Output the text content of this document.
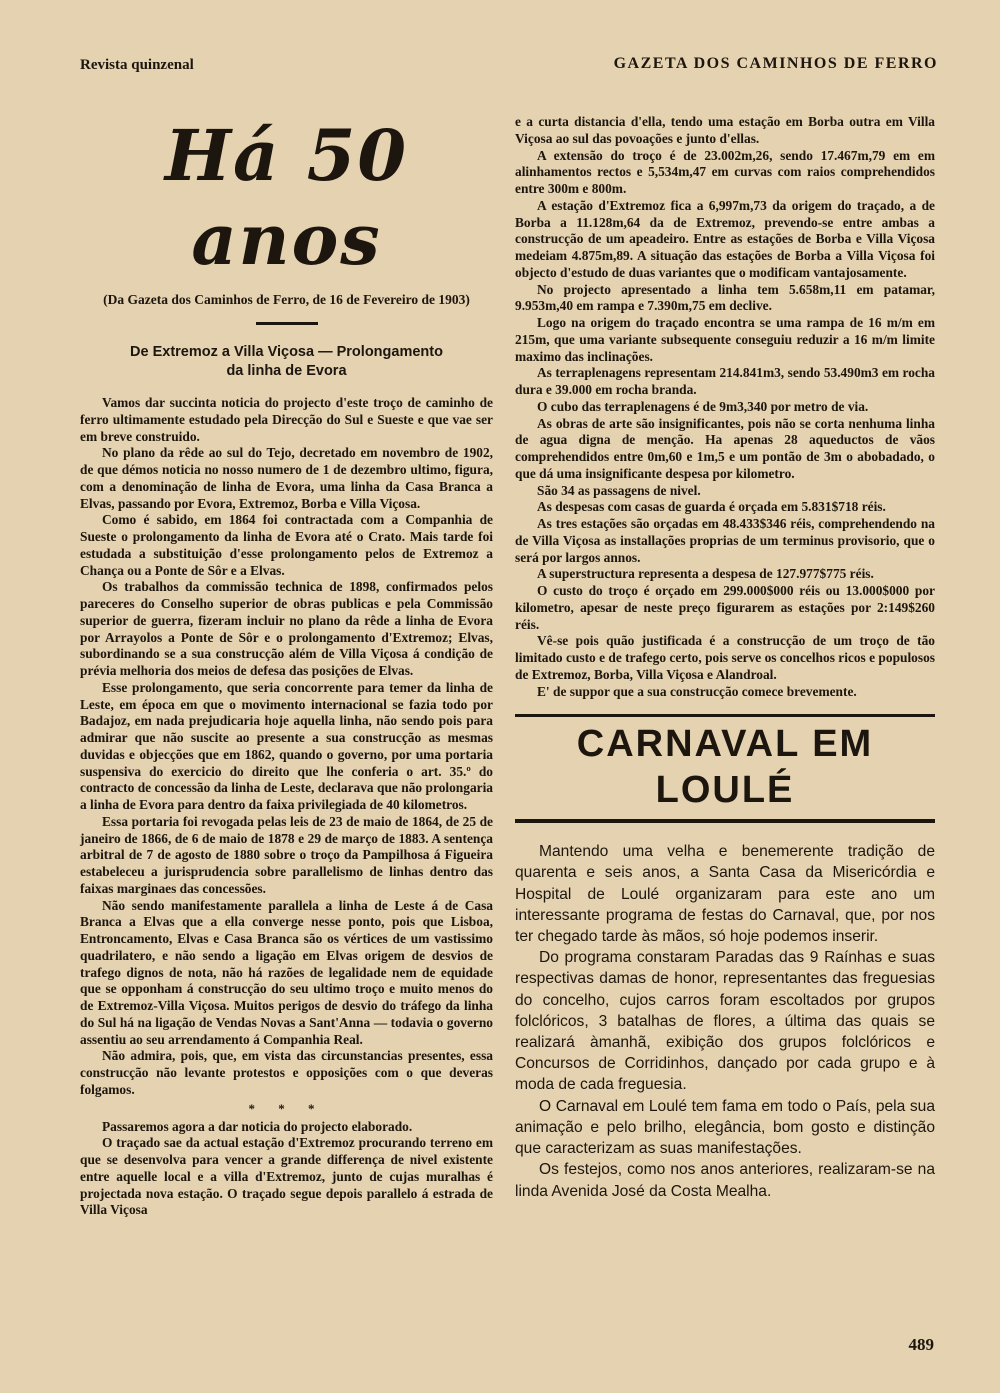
Revista quinzenal	GAZETA DOS CAMINHOS DE FERRO
Há 50 anos
(Da Gazeta dos Caminhos de Ferro, de 16 de Fevereiro de 1903)
De Extremoz a Villa Viçosa — Prolongamento
da linha de Evora

Vamos dar succinta noticia do projecto d'este troço de caminho de ferro ultimamente estudado pela Direcção do Sul e Sueste e que vae ser em breve construido.

No plano da rêde ao sul do Tejo, decretado em novembro de 1902, de que démos noticia no nosso numero de 1 de dezembro ultimo, figura, com a denominação de linha de Evora, uma linha da Casa Branca a Elvas, passando por Evora, Extremoz, Borba e Villa Viçosa.

Como é sabido, em 1864 foi contractada com a Companhia de Sueste o prolongamento da linha de Evora até o Crato. Mais tarde foi estudada a substituição d'esse prolongamento pelos de Extremoz a Chança ou a Ponte de Sôr e a Elvas.

Os trabalhos da commissão technica de 1898, confirmados pelos pareceres do Conselho superior de obras publicas e pela Commissão superior de guerra, fizeram incluir no plano da rêde a linha de Evora por Arrayolos a Ponte de Sôr e o prolongamento d'Extremoz; Elvas, subordinando se a sua construcção além de Villa Viçosa á condição de prévia melhoria dos meios de defesa das posições de Elvas.

Esse prolongamento, que seria concorrente para temer da linha de Leste, em época em que o movimento internacional se fazia todo por Badajoz, em nada prejudicaria hoje aquella linha, não sendo pois para admirar que não suscite ao presente a sua construcção as mesmas duvidas e objecções que em 1862, quando o governo, por uma portaria suspensiva do exercicio do direito que lhe conferia o art. 35.º do contracto de concessão da linha de Leste, declarava que não prolongaria a linha de Evora para dentro da faixa privilegiada de 40 kilometros.

Essa portaria foi revogada pelas leis de 23 de maio de 1864, de 25 de janeiro de 1866, de 6 de maio de 1878 e 29 de março de 1883. A sentença arbitral de 7 de agosto de 1880 sobre o troço da Pampilhosa á Figueira estabeleceu a jurisprudencia sobre parallelismo de linhas dentro das faixas marginaes das concessões.

Não sendo manifestamente parallela a linha de Leste á de Casa Branca a Elvas que a ella converge nesse ponto, pois que Lisboa, Entroncamento, Elvas e Casa Branca são os vértices de um vastissimo quadrilatero, e não sendo a ligação em Elvas origem de desvios de trafego dignos de nota, não há razões de legalidade nem de equidade que se opponham á construcção do seu ultimo troço e muito menos do de Extremoz-Villa Viçosa. Muitos perigos de desvio do tráfego da linha do Sul há na ligação de Vendas Novas a Sant'Anna — todavia o governo assentiu ao seu arrendamento á Companhia Real.

Não admira, pois, que, em vista das circunstancias presentes, essa construcção não levante protestos e opposições com o que deveras folgamos.

* * *

Passaremos agora a dar noticia do projecto elaborado.

O traçado sae da actual estação d'Extremoz procurando terreno em que se desenvolva para vencer a grande differença de nivel existente entre aquelle local e a villa d'Extremoz, junto de cujas muralhas é projectada nova estação. O traçado segue depois parallelo á estrada de Villa Viçosa

e a curta distancia d'ella, tendo uma estação em Borba outra em Villa Viçosa ao sul das povoações e junto d'ellas.

A extensão do troço é de 23.002m,26, sendo 17.467m,79 em em alinhamentos rectos e 5,534m,47 em curvas com raios comprehendidos entre 300m e 800m.

A estação d'Extremoz fica a 6,997m,73 da origem do traçado, a de Borba a 11.128m,64 da de Extremoz, prevendo-se entre ambas a construcção de um apeadeiro. Entre as estações de Borba e Villa Viçosa medeiam 4.875m,89. A situação das estações de Borba a Villa Viçosa foi objecto d'estudo de duas variantes que o modificam vantajosamente.

No projecto apresentado a linha tem 5.658m,11 em patamar, 9.953m,40 em rampa e 7.390m,75 em declive.

Logo na origem do traçado encontra se uma rampa de 16 m/m em 215m, que uma variante subsequente conseguiu reduzir a 16 m/m limite maximo das inclinações.

As terraplenagens representam 214.841m3, sendo 53.490m3 em rocha dura e 39.000 em rocha branda.

O cubo das terraplenagens é de 9m3,340 por metro de via.

As obras de arte são insignificantes, pois não se corta nenhuma linha de agua digna de menção. Ha apenas 28 aqueductos de vãos comprehendidos entre 0m,60 e 1m,5 e um pontão de 3m o abobadado, o que dá uma insignificante despesa por kilometro.

São 34 as passagens de nivel.

As despesas com casas de guarda é orçada em 5.831$718 réis.

As tres estações são orçadas em 48.433$346 réis, comprehendendo na de Villa Viçosa as installações proprias de um terminus provisorio, que o será por largos annos.

A superstructura representa a despesa de 127.977$775 réis.

O custo do troço é orçado em 299.000$000 réis ou 13.000$000 por kilometro, apesar de neste preço figurarem as estações por 2:149$260 réis.

Vê-se pois quão justificada é a construcção de um troço de tão limitado custo e de trafego certo, pois serve os concelhos ricos e populosos de Extremoz, Borba, Villa Viçosa e Alandroal.

E' de suppor que a sua construcção comece brevemente.

CARNAVAL EM LOULÉ

Mantendo uma velha e benemerente tradição de quarenta e seis anos, a Santa Casa da Misericórdia e Hospital de Loulé organizaram para este ano um interessante programa de festas do Carnaval, que, por nos ter chegado tarde às mãos, só hoje podemos inserir.

Do programa constaram Paradas das 9 Raínhas e suas respectivas damas de honor, representantes das freguesias do concelho, cujos carros foram escoltados por grupos folclóricos, 3 batalhas de flores, a última das quais se realizará àmanhã, exibição dos grupos folclóricos e Concursos de Corridinhos, dançado por cada grupo e à moda de cada freguesia.

O Carnaval em Loulé tem fama em todo o País, pela sua animação e pelo brilho, elegância, bom gosto e distinção que caracterizam as suas manifestações.

Os festejos, como nos anos anteriores, realizaram-se na linda Avenida José da Costa Mealha.

489
